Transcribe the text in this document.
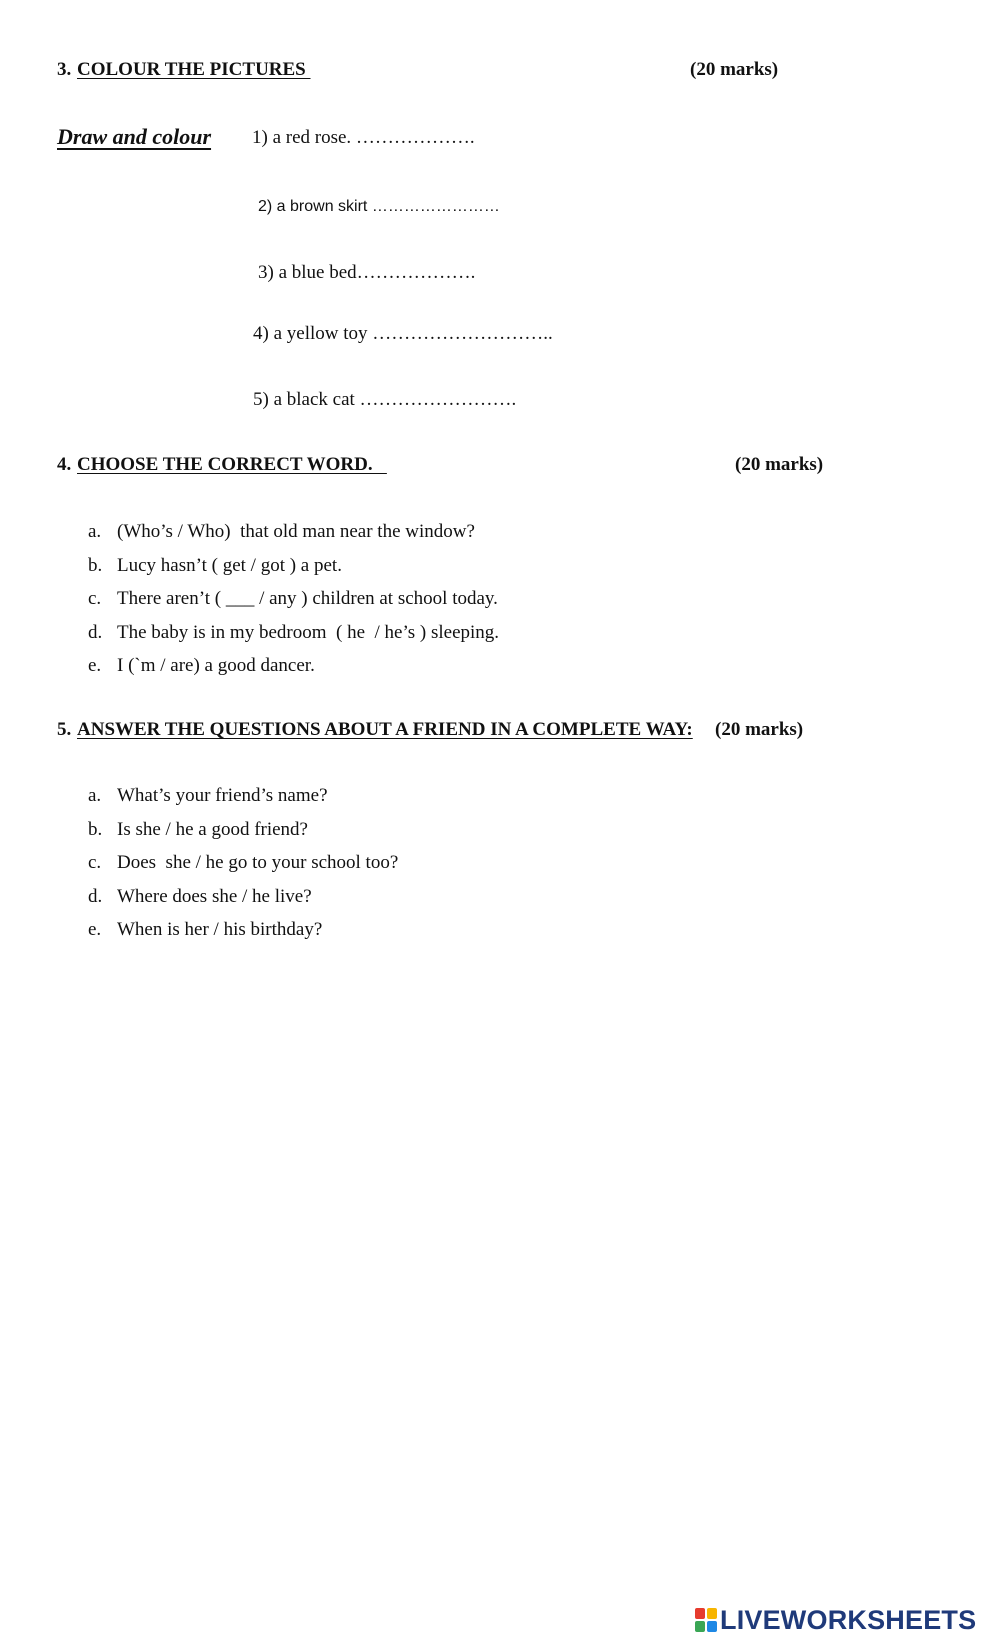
3. COLOUR THE PICTURES	(20 marks)
Draw and colour 1) a red rose. ……………….
2) a brown skirt ……………………
3) a blue bed……………….
4) a yellow toy ………………………..
5) a black cat …………………….
4. CHOOSE THE CORRECT WORD.	(20 marks)
a. (Who’s / Who)  that old man near the window?
b. Lucy hasn’t ( get / got ) a pet.
c. There aren’t ( ___ / any ) children at school today.
d. The baby is in my bedroom  ( he  / he’s ) sleeping.
e. I (`m / are) a good dancer.
5. ANSWER THE QUESTIONS ABOUT A FRIEND IN A COMPLETE WAY: (20 marks)
a. What’s your friend’s name?
b. Is she / he a good friend?
c. Does  she / he go to your school too?
d. Where does she / he live?
e. When is her / his birthday?
LIVEWORKSHEETS
